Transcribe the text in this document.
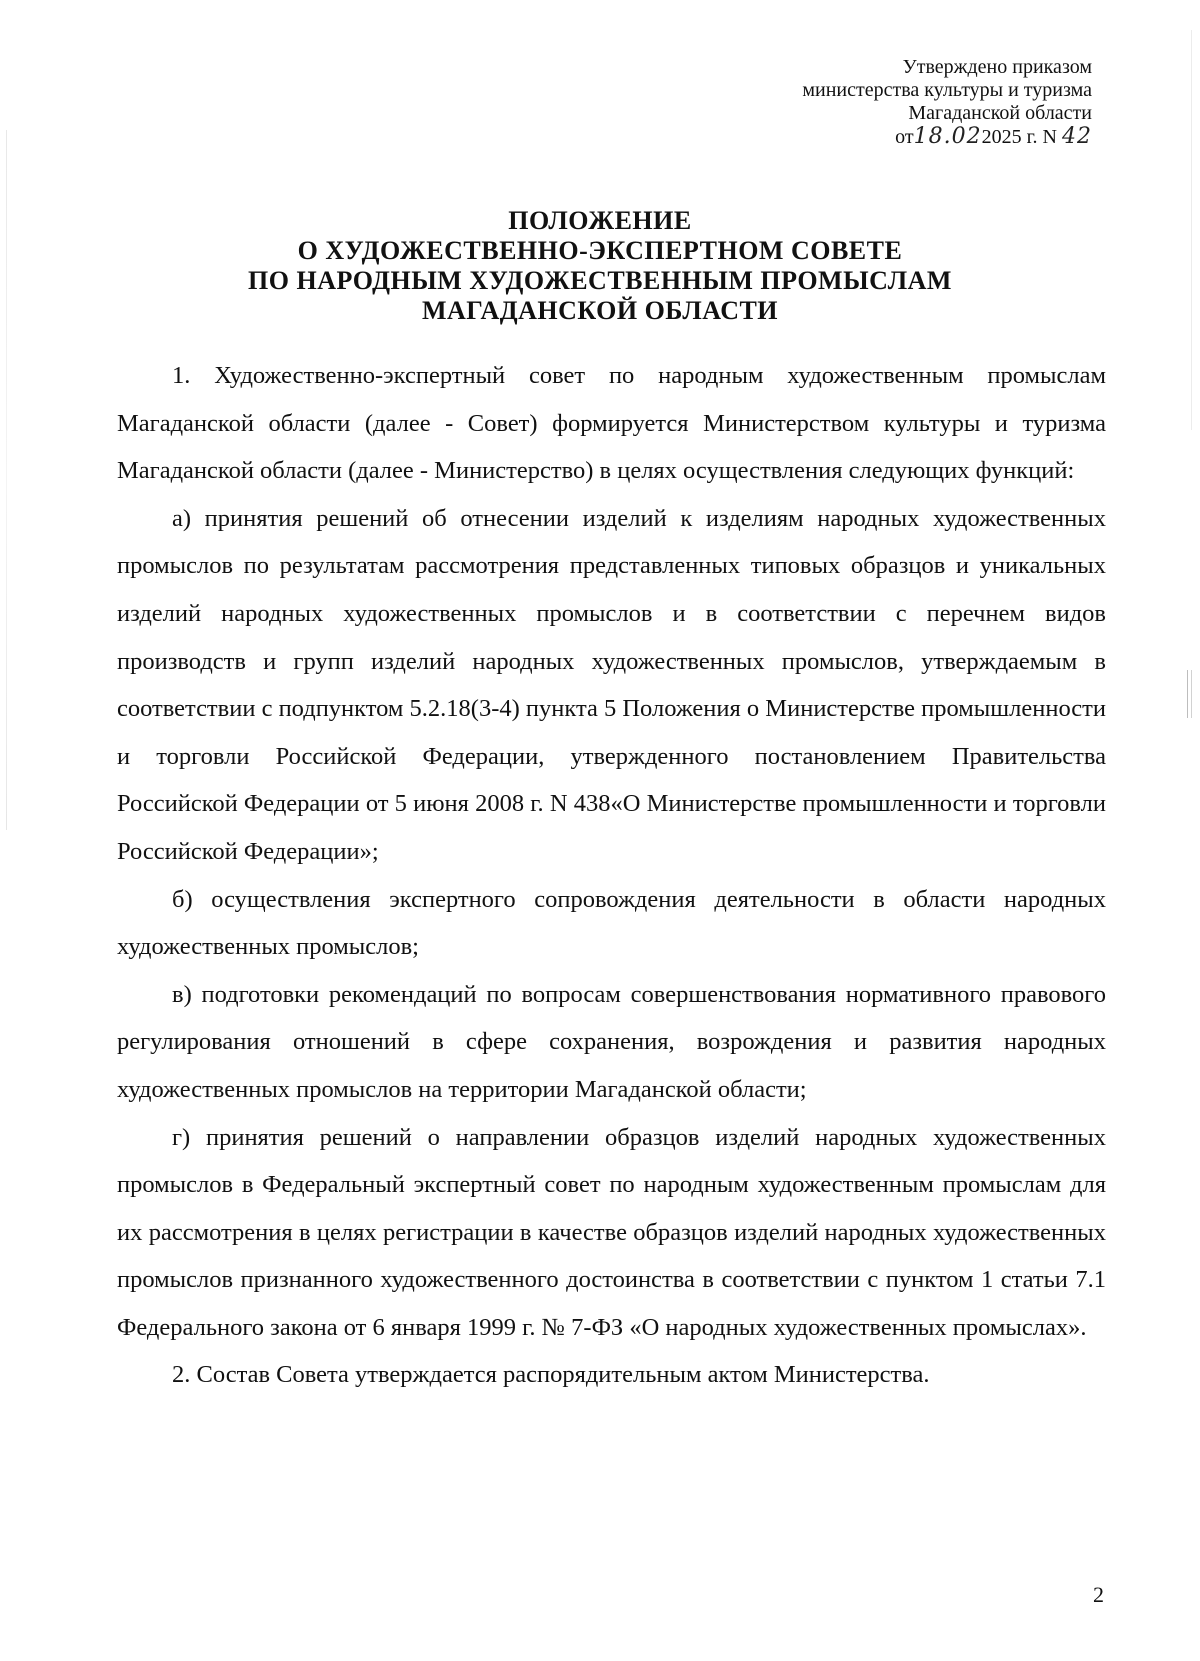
Утверждено приказом
министерства культуры и туризма
Магаданской области
от18.022025 г. N 42
ПОЛОЖЕНИЕ
О ХУДОЖЕСТВЕННО-ЭКСПЕРТНОМ СОВЕТЕ
ПО НАРОДНЫМ ХУДОЖЕСТВЕННЫМ ПРОМЫСЛАМ
МАГАДАНСКОЙ ОБЛАСТИ

1. Художественно-экспертный совет по народным художественным промыслам Магаданской области (далее - Совет) формируется Министерством культуры и туризма Магаданской области (далее - Министерство) в целях осуществления следующих функций:

а) принятия решений об отнесении изделий к изделиям народных художественных промыслов по результатам рассмотрения представленных типовых образцов и уникальных изделий народных художественных промыслов и в соответствии с перечнем видов производств и групп изделий народных художественных промыслов, утверждаемым в соответствии с подпунктом 5.2.18(3-4) пункта 5 Положения о Министерстве промышленности и торговли Российской Федерации, утвержденного постановлением Правительства Российской Федерации от 5 июня 2008 г. N 438«О Министерстве промышленности и торговли Российской Федерации»;

б) осуществления экспертного сопровождения деятельности в области народных художественных промыслов;

в) подготовки рекомендаций по вопросам совершенствования нормативного правового регулирования отношений в сфере сохранения, возрождения и развития народных художественных промыслов на территории Магаданской области;

г) принятия решений о направлении образцов изделий народных художественных промыслов в Федеральный экспертный совет по народным художественным промыслам для их рассмотрения в целях регистрации в качестве образцов изделий народных художественных промыслов признанного художественного достоинства в соответствии с пунктом 1 статьи 7.1 Федерального закона от 6 января 1999 г. № 7-ФЗ «О народных художественных промыслах».

2. Состав Совета утверждается распорядительным актом Министерства.

2
